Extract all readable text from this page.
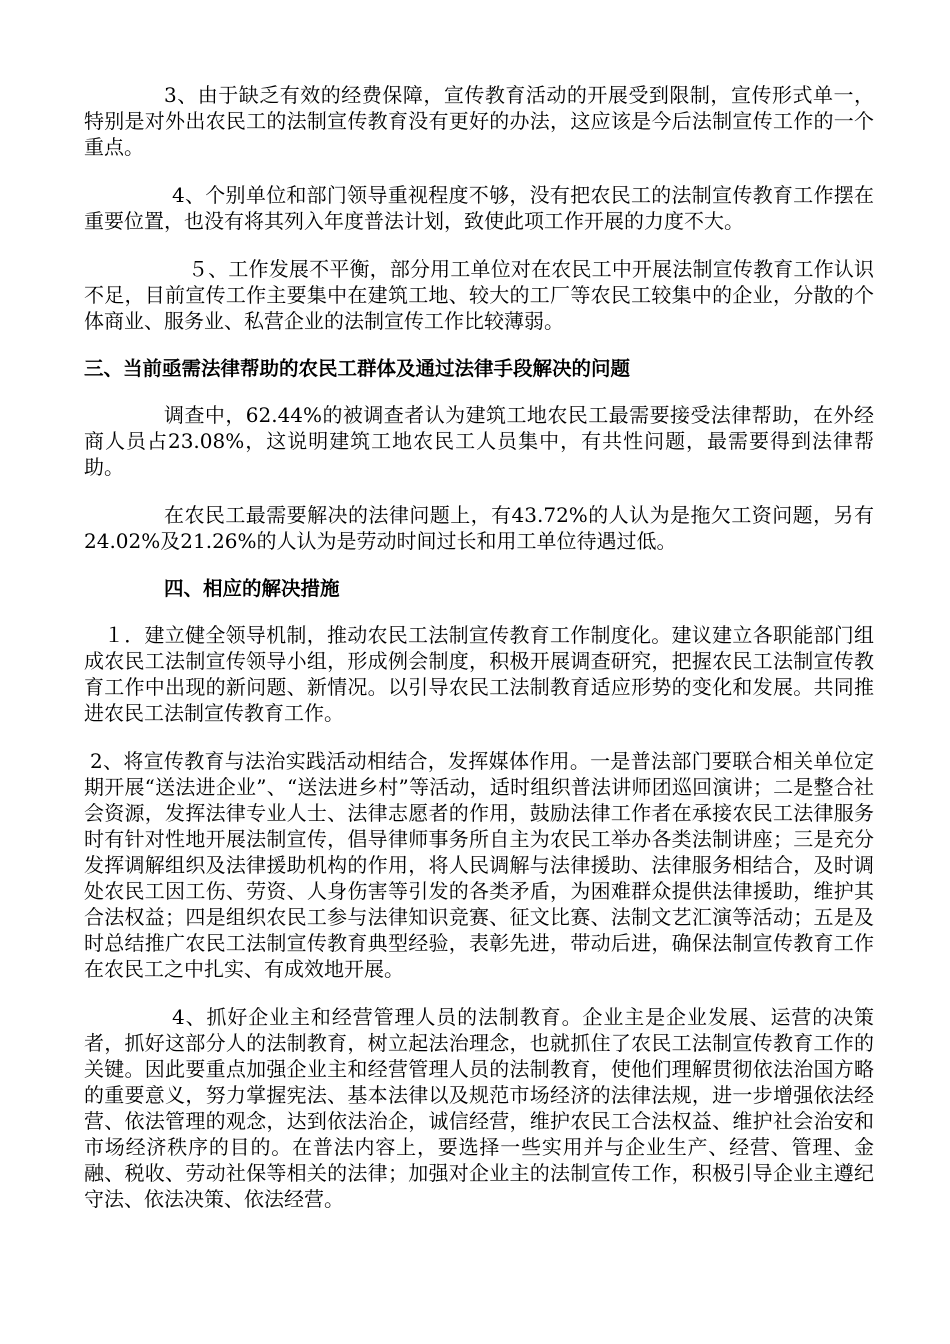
3、由于缺乏有效的经费保障，宣传教育活动的开展受到限制，宣传形式单一，特别是对外出农民工的法制宣传教育没有更好的办法，这应该是今后法制宣传工作的一个重点。

4、个别单位和部门领导重视程度不够，没有把农民工的法制宣传教育工作摆在重要位置，也没有将其列入年度普法计划，致使此项工作开展的力度不大。

５、工作发展不平衡，部分用工单位对在农民工中开展法制宣传教育工作认识不足，目前宣传工作主要集中在建筑工地、较大的工厂等农民工较集中的企业，分散的个体商业、服务业、私营企业的法制宣传工作比较薄弱。

三、当前亟需法律帮助的农民工群体及通过法律手段解决的问题

调查中，62.44%的被调查者认为建筑工地农民工最需要接受法律帮助，在外经商人员占23.08%，这说明建筑工地农民工人员集中，有共性问题，最需要得到法律帮助。

在农民工最需要解决的法律问题上，有43.72%的人认为是拖欠工资问题，另有24.02%及21.26%的人认为是劳动时间过长和用工单位待遇过低。

四、相应的解决措施

１．建立健全领导机制，推动农民工法制宣传教育工作制度化。建议建立各职能部门组成农民工法制宣传领导小组，形成例会制度，积极开展调查研究，把握农民工法制宣传教育工作中出现的新问题、新情况。以引导农民工法制教育适应形势的变化和发展。共同推进农民工法制宣传教育工作。

2、将宣传教育与法治实践活动相结合，发挥媒体作用。一是普法部门要联合相关单位定期开展“送法进企业”、“送法进乡村”等活动，适时组织普法讲师团巡回演讲；二是整合社会资源，发挥法律专业人士、法律志愿者的作用，鼓励法律工作者在承接农民工法律服务时有针对性地开展法制宣传，倡导律师事务所自主为农民工举办各类法制讲座；三是充分发挥调解组织及法律援助机构的作用，将人民调解与法律援助、法律服务相结合，及时调处农民工因工伤、劳资、人身伤害等引发的各类矛盾，为困难群众提供法律援助，维护其合法权益；四是组织农民工参与法律知识竞赛、征文比赛、法制文艺汇演等活动；五是及时总结推广农民工法制宣传教育典型经验，表彰先进，带动后进，确保法制宣传教育工作在农民工之中扎实、有成效地开展。

4、抓好企业主和经营管理人员的法制教育。企业主是企业发展、运营的决策者，抓好这部分人的法制教育，树立起法治理念，也就抓住了农民工法制宣传教育工作的关键。因此要重点加强企业主和经营管理人员的法制教育，使他们理解贯彻依法治国方略的重要意义，努力掌握宪法、基本法律以及规范市场经济的法律法规，进一步增强依法经营、依法管理的观念，达到依法治企，诚信经营，维护农民工合法权益、维护社会治安和市场经济秩序的目的。在普法内容上，要选择一些实用并与企业生产、经营、管理、金融、税收、劳动社保等相关的法律；加强对企业主的法制宣传工作，积极引导企业主遵纪守法、依法决策、依法经营。
